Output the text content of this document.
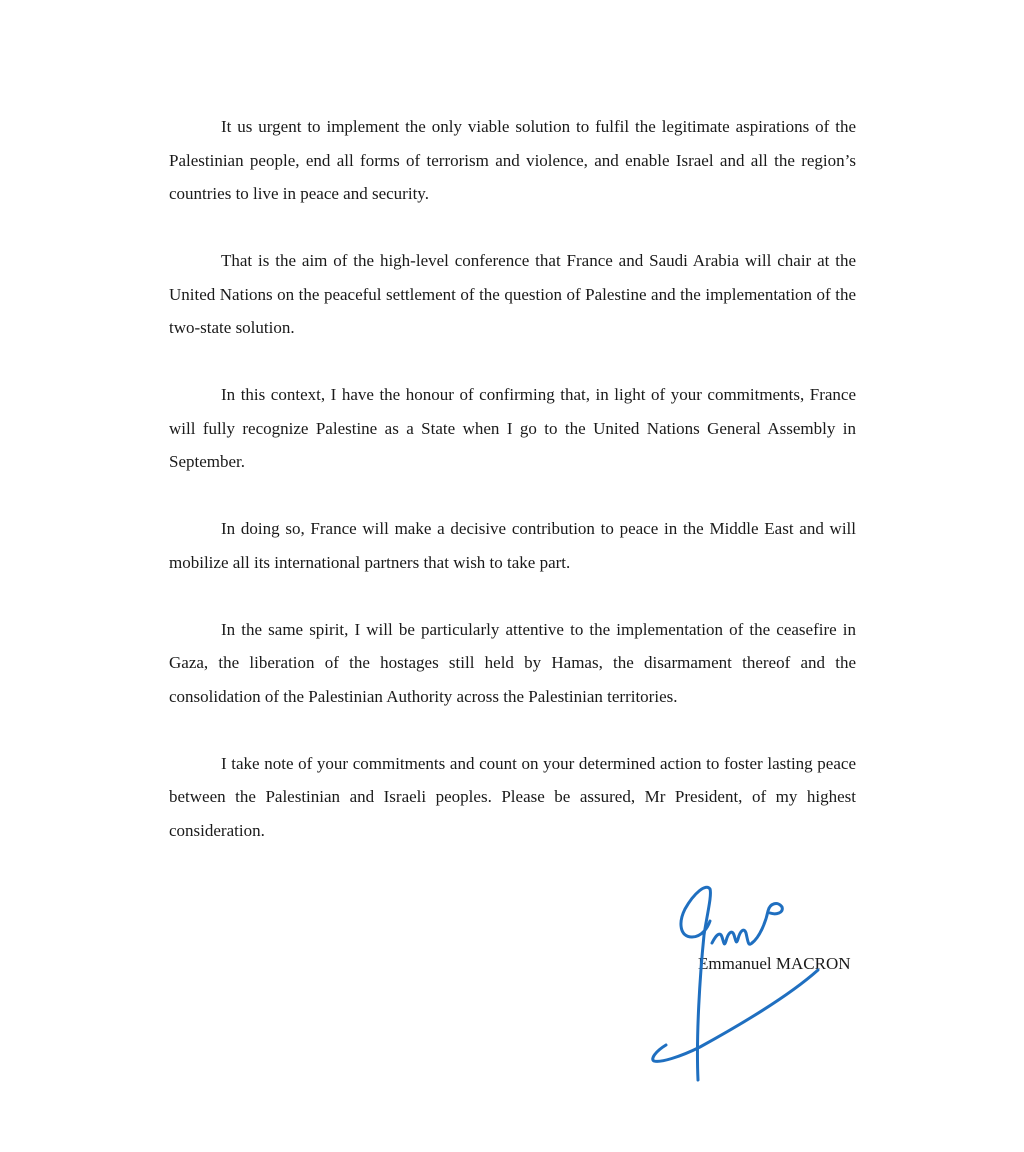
It us urgent to implement the only viable solution to fulfil the legitimate aspirations of the Palestinian people, end all forms of terrorism and violence, and enable Israel and all the region’s countries to live in peace and security.

That is the aim of the high-level conference that France and Saudi Arabia will chair at the United Nations on the peaceful settlement of the question of Palestine and the implementation of the two-state solution.

In this context, I have the honour of confirming that, in light of your commitments, France will fully recognize Palestine as a State when I go to the United Nations General Assembly in September.

In doing so, France will make a decisive contribution to peace in the Middle East and will mobilize all its international partners that wish to take part.

In the same spirit, I will be particularly attentive to the implementation of the ceasefire in Gaza, the liberation of the hostages still held by Hamas, the disarmament thereof and the consolidation of the Palestinian Authority across the Palestinian territories.

I take note of your commitments and count on your determined action to foster lasting peace between the Palestinian and Israeli peoples. Please be assured, Mr President, of my highest consideration.

Emmanuel MACRON
